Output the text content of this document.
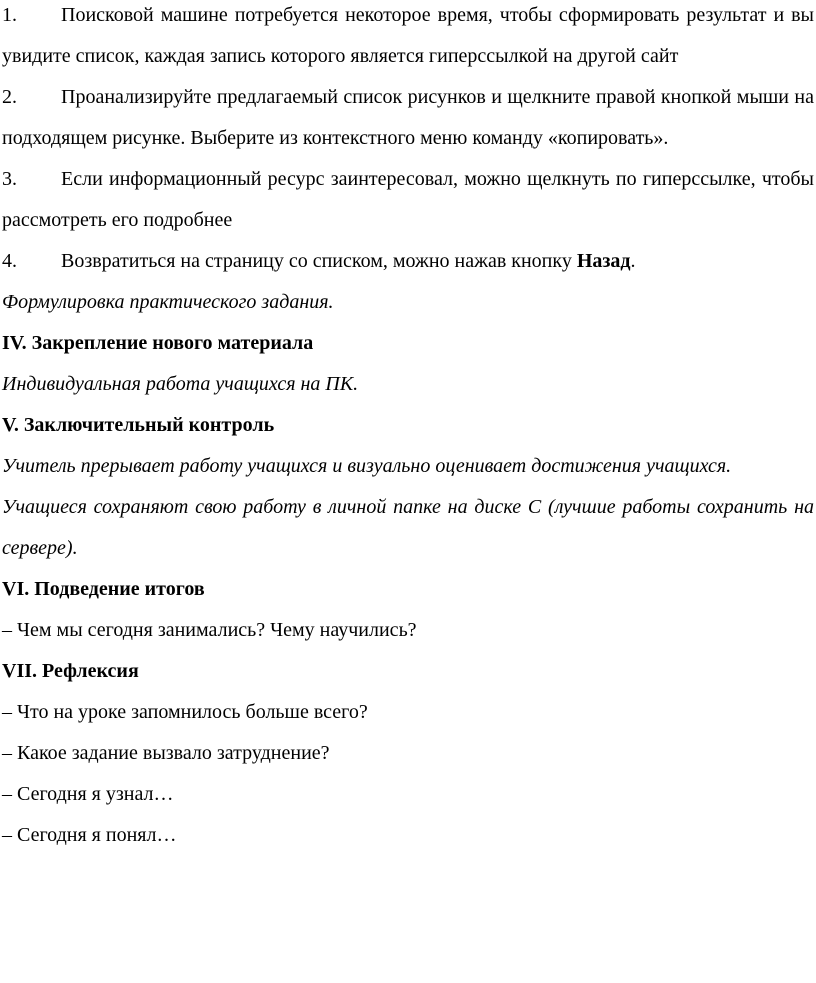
1. Поисковой машине потребуется некоторое время, чтобы сформировать результат и вы увидите список, каждая запись которого является гиперссылкой на другой сайт

2. Проанализируйте предлагаемый список рисунков и щелкните правой кнопкой мыши на подходящем рисунке. Выберите из контекстного меню команду «копировать».

3. Если информационный ресурс заинтересовал, можно щелкнуть по гиперссылке, чтобы рассмотреть его подробнее

4. Возвратиться на страницу со списком, можно нажав кнопку Назад.

Формулировка практического задания.

IV. Закрепление нового материала

Индивидуальная работа учащихся на ПК.

V. Заключительный контроль

Учитель прерывает работу учащихся и визуально оценивает достижения учащихся.

Учащиеся сохраняют свою работу в личной папке на диске С (лучшие работы сохранить на сервере).

VI. Подведение итогов

– Чем мы сегодня занимались? Чему научились?

VII. Рефлексия

– Что на уроке запомнилось больше всего?

– Какое задание вызвало затруднение?

– Сегодня я узнал…

– Сегодня я понял…
